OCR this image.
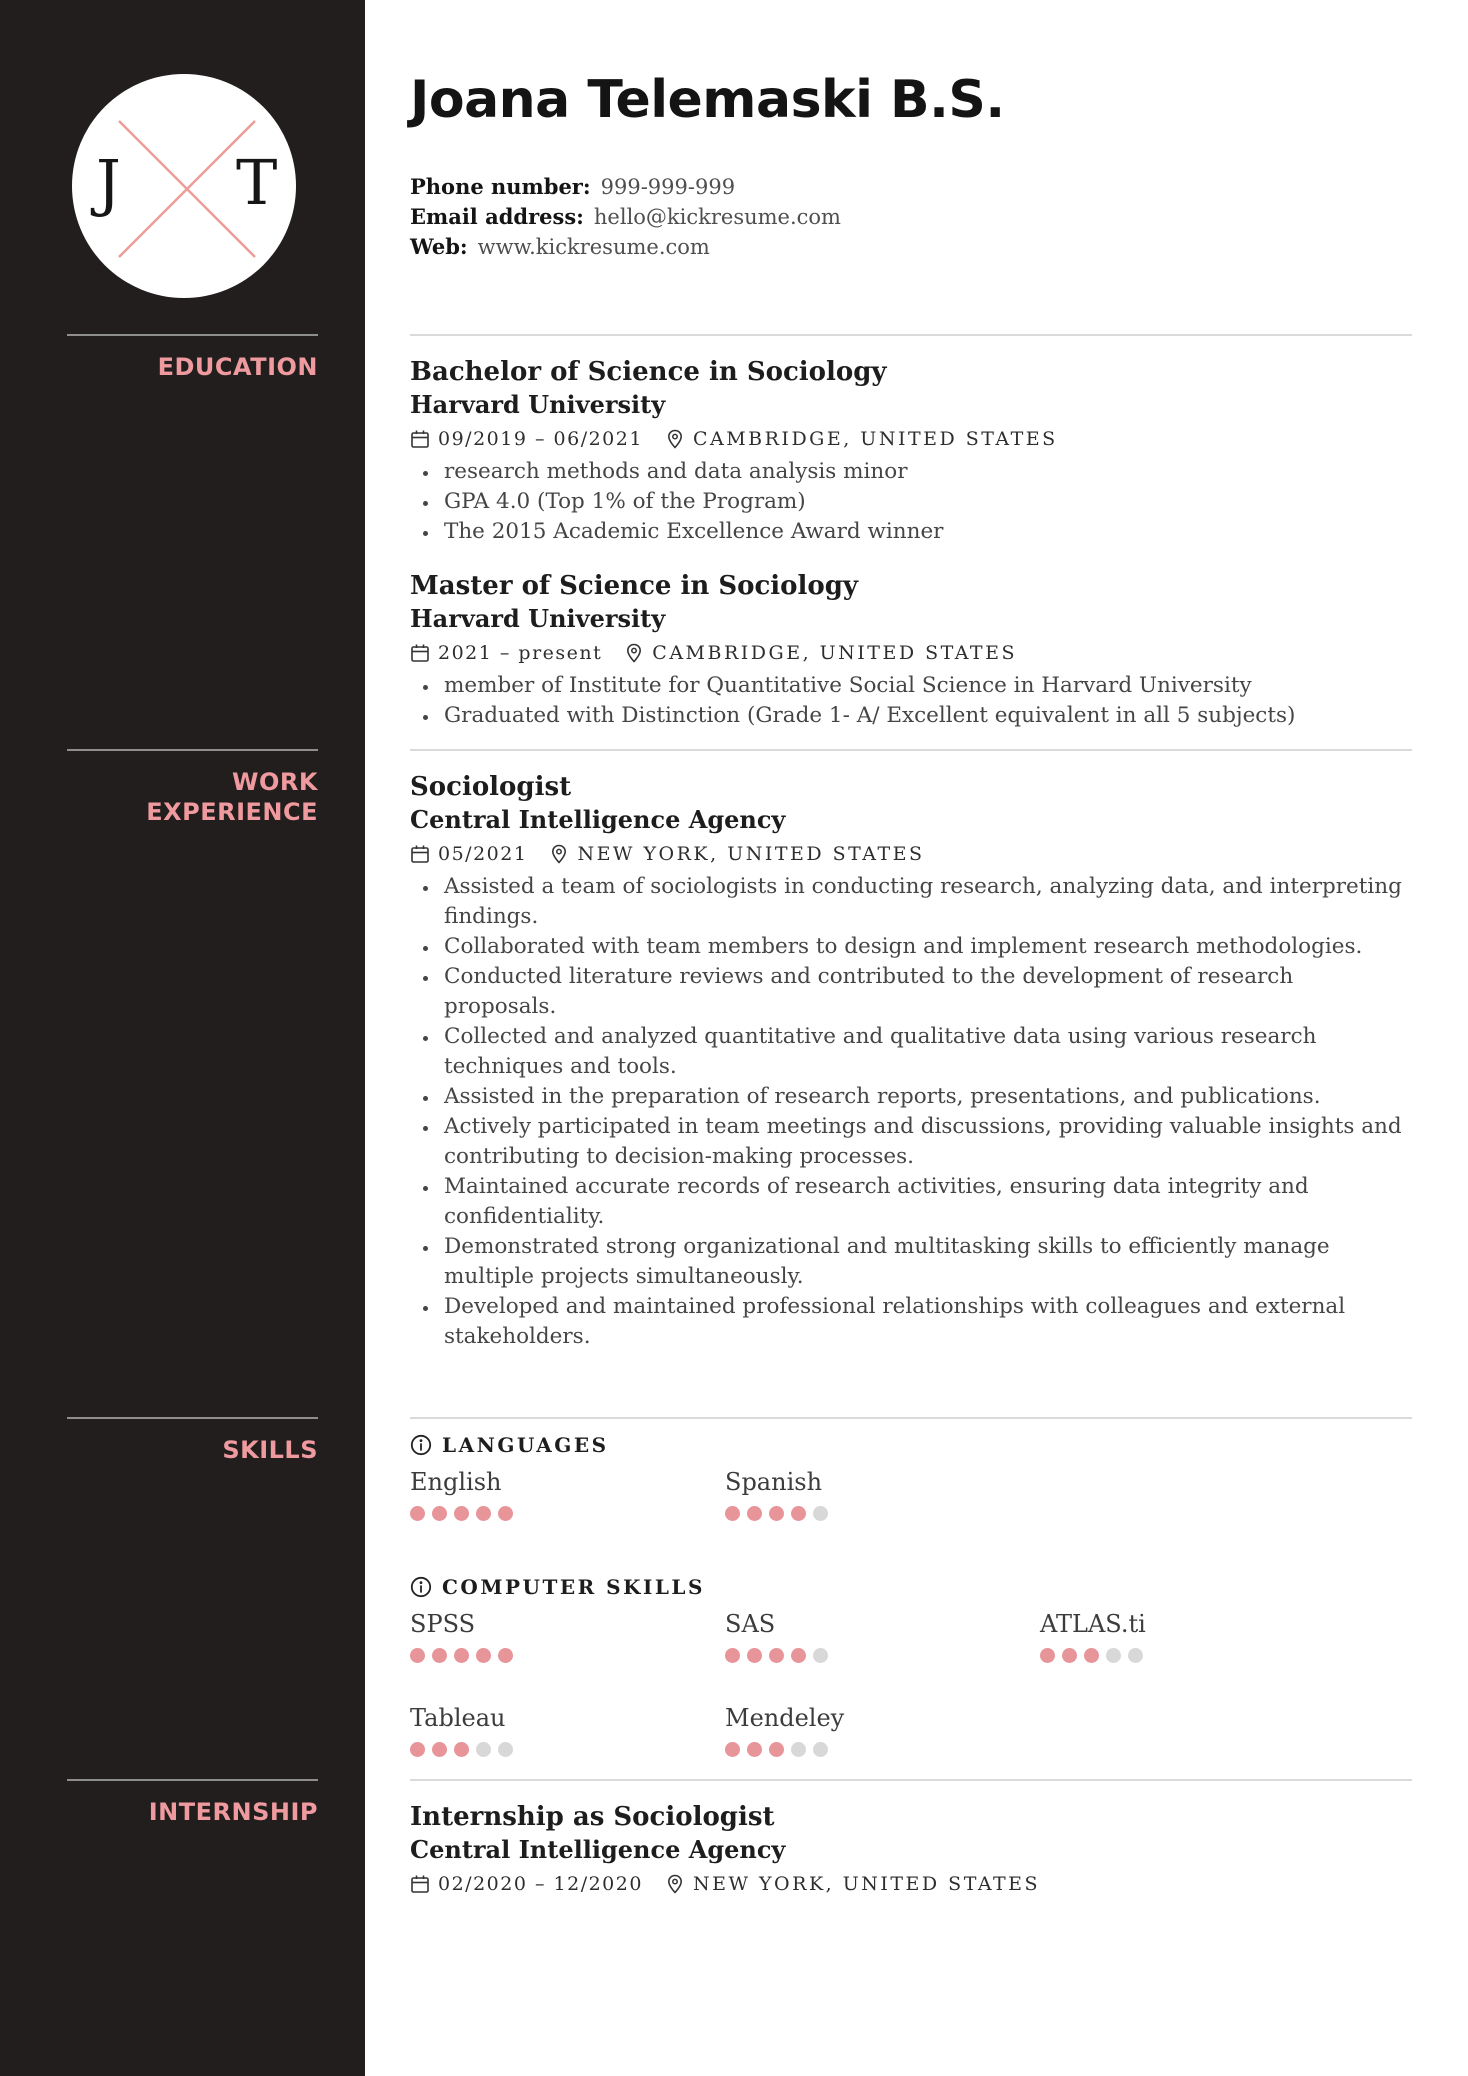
J T
EDUCATION
WORK EXPERIENCE
SKILLS
INTERNSHIP
Joana Telemaski B.S.
Phone number: 999-999-999
Email address: hello@kickresume.com
Web: www.kickresume.com
Bachelor of Science in Sociology
Harvard University
09/2019 – 06/2021	CAMBRIDGE, UNITED STATES
• research methods and data analysis minor
• GPA 4.0 (Top 1% of the Program)
• The 2015 Academic Excellence Award winner
Master of Science in Sociology
Harvard University
2021 – present	CAMBRIDGE, UNITED STATES
• member of Institute for Quantitative Social Science in Harvard University
• Graduated with Distinction (Grade 1- A/ Excellent equivalent in all 5 subjects)
Sociologist
Central Intelligence Agency
05/2021	NEW YORK, UNITED STATES
• Assisted a team of sociologists in conducting research, analyzing data, and interpreting findings.
• Collaborated with team members to design and implement research methodologies.
• Conducted literature reviews and contributed to the development of research proposals.
• Collected and analyzed quantitative and qualitative data using various research techniques and tools.
• Assisted in the preparation of research reports, presentations, and publications.
• Actively participated in team meetings and discussions, providing valuable insights and contributing to decision-making processes.
• Maintained accurate records of research activities, ensuring data integrity and confidentiality.
• Demonstrated strong organizational and multitasking skills to efficiently manage multiple projects simultaneously.
• Developed and maintained professional relationships with colleagues and external stakeholders.
LANGUAGES
English	Spanish
COMPUTER SKILLS
SPSS	SAS	ATLAS.ti
Tableau	Mendeley
Internship as Sociologist
Central Intelligence Agency
02/2020 – 12/2020	NEW YORK, UNITED STATES
